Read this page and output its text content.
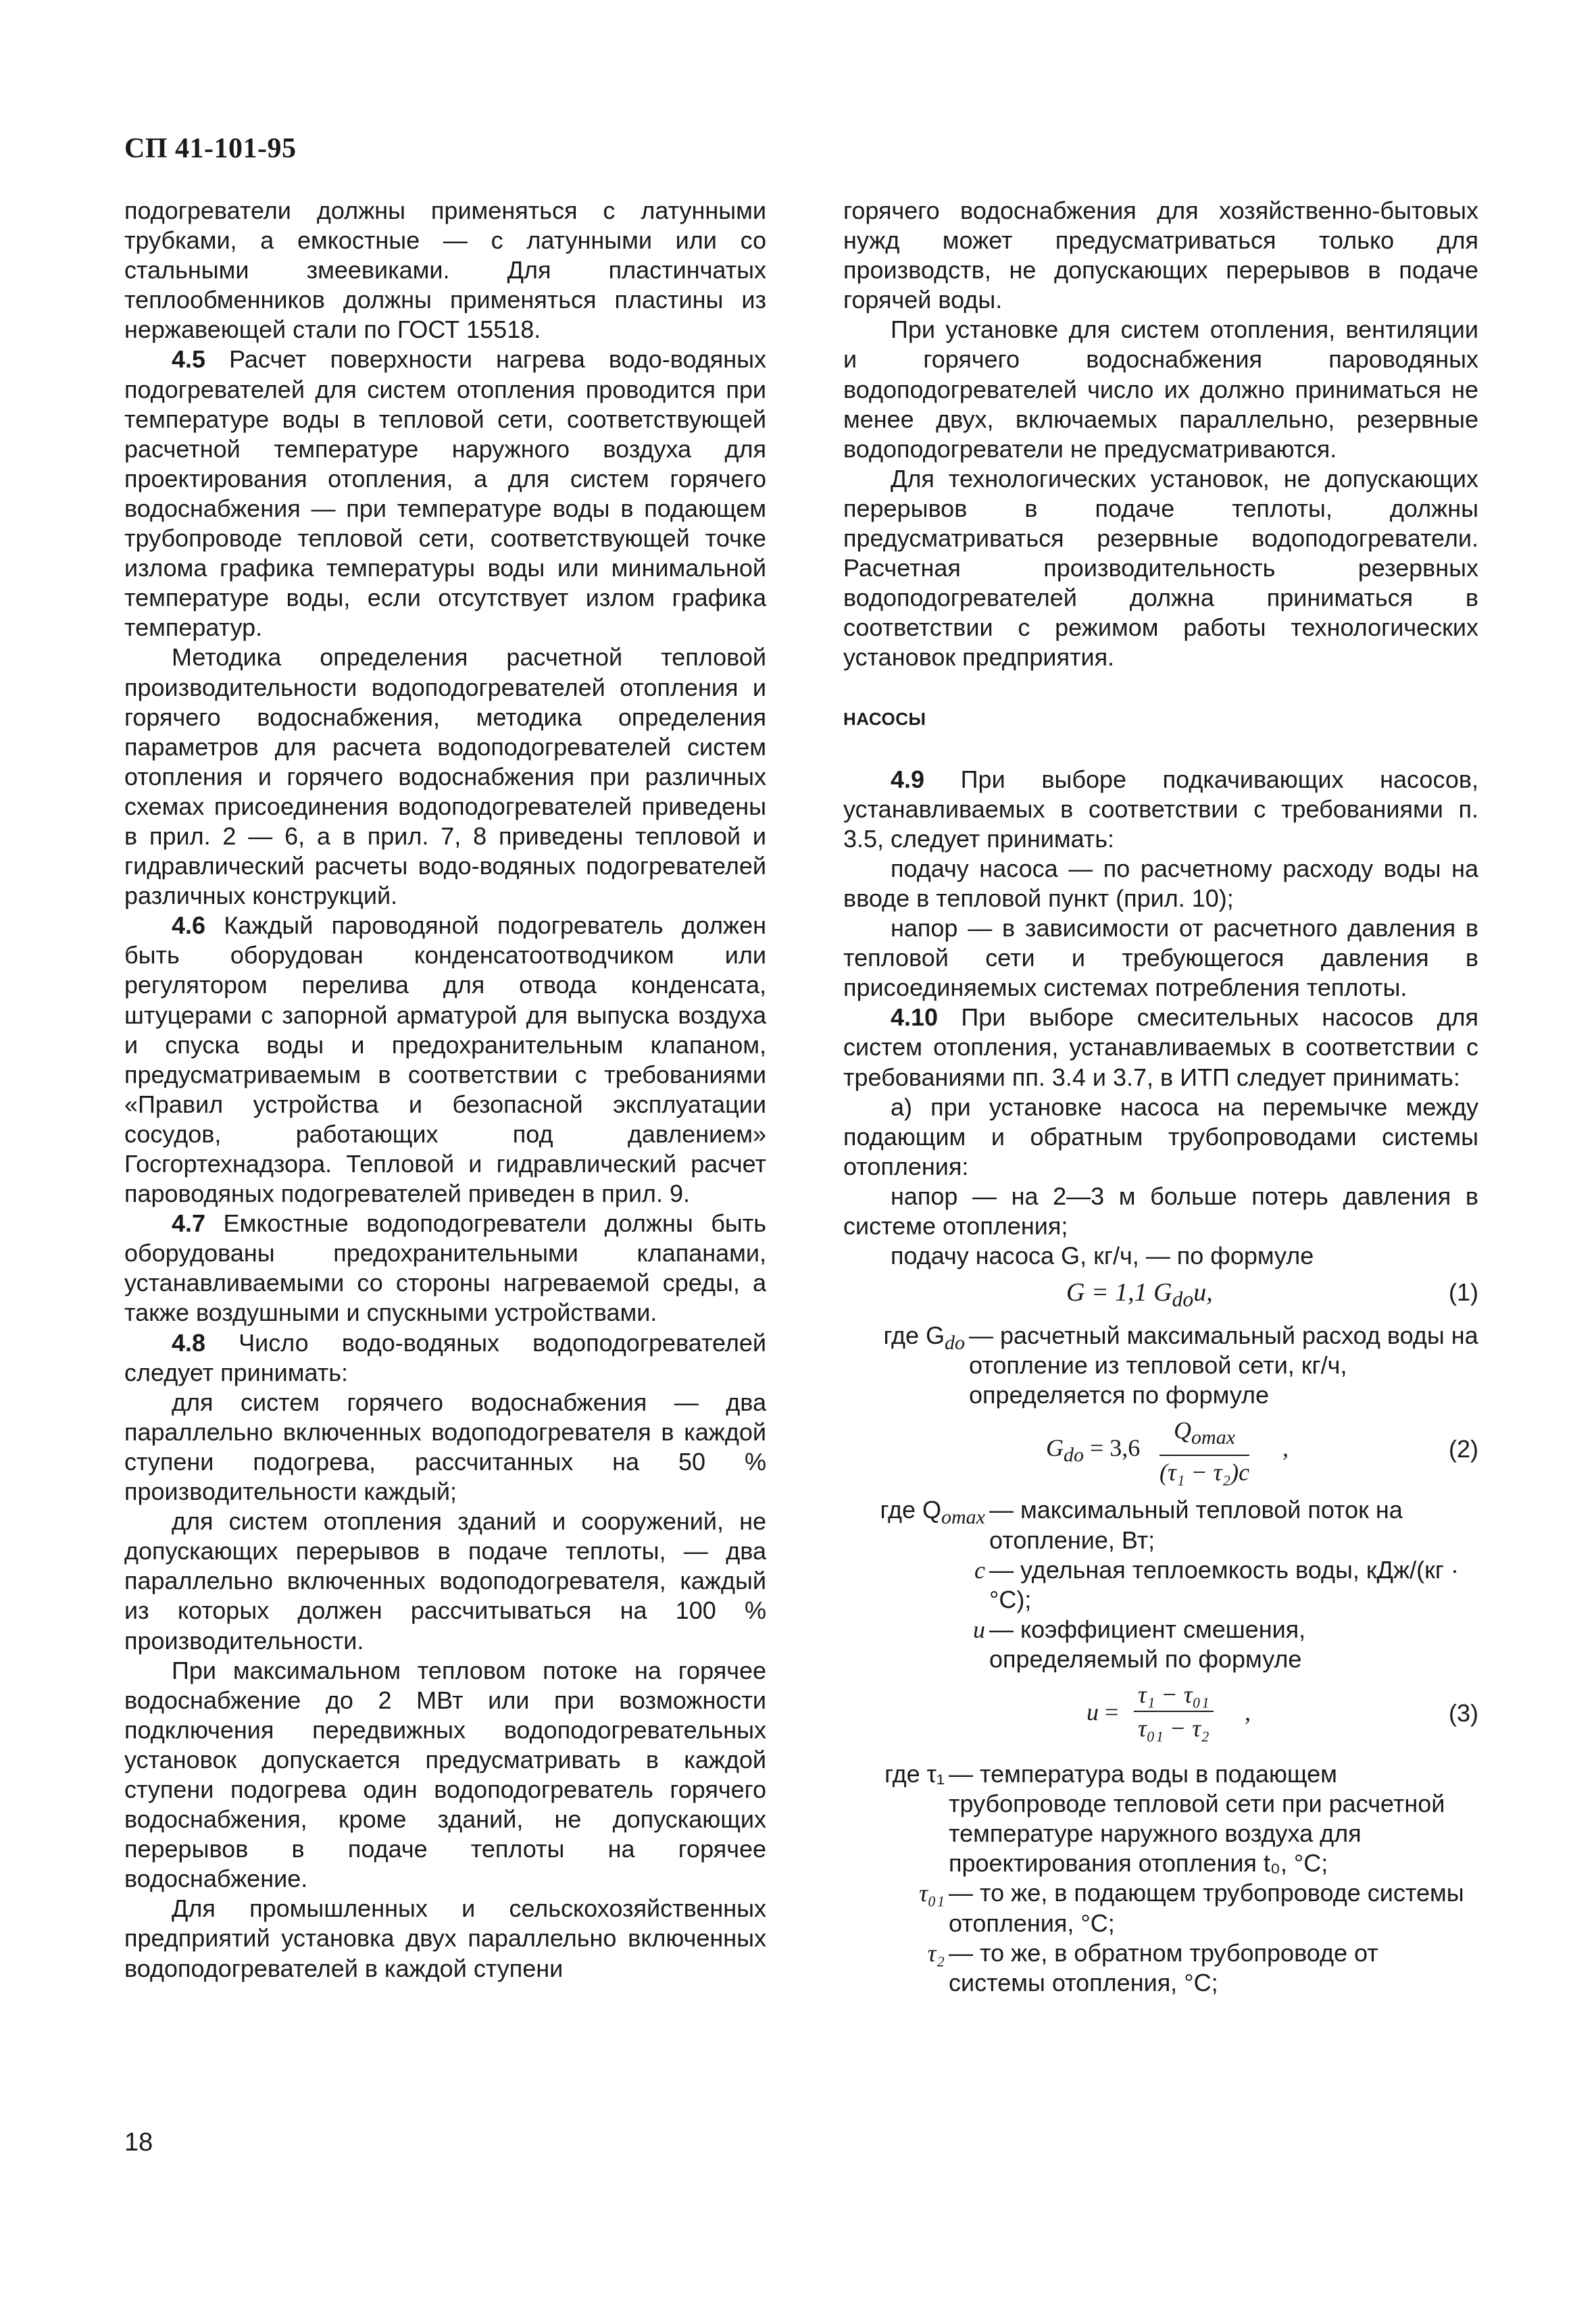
СП 41-101-95

подогреватели должны применяться с латунными трубками, а емкостные — с латунными или со стальными змеевиками. Для пластинчатых теплообменников должны применяться пластины из нержавеющей стали по ГОСТ 15518.

4.5 Расчет поверхности нагрева водо-водяных подогревателей для систем отопления проводится при температуре воды в тепловой сети, соответствующей расчетной температуре наружного воздуха для проектирования отопления, а для систем горячего водоснабжения — при температуре воды в подающем трубопроводе тепловой сети, соответствующей точке излома графика температуры воды или минимальной температуре воды, если отсутствует излом графика температур.

Методика определения расчетной тепловой производительности водоподогревателей отопления и горячего водоснабжения, методика определения параметров для расчета водоподогревателей систем отопления и горячего водоснабжения при различных схемах присоединения водоподогревателей приведены в прил. 2 — 6, а в прил. 7, 8 приведены тепловой и гидравлический расчеты водо-водяных подогревателей различных конструкций.

4.6 Каждый пароводяной подогреватель должен быть оборудован конденсатоотводчиком или регулятором перелива для отвода конденсата, штуцерами с запорной арматурой для выпуска воздуха и спуска воды и предохранительным клапаном, предусматриваемым в соответствии с требованиями «Правил устройства и безопасной эксплуатации сосудов, работающих под давлением» Госгортехнадзора. Тепловой и гидравлический расчет пароводяных подогревателей приведен в прил. 9.

4.7 Емкостные водоподогреватели должны быть оборудованы предохранительными клапанами, устанавливаемыми со стороны нагреваемой среды, а также воздушными и спускными устройствами.

4.8 Число водо-водяных водоподогревателей следует принимать:

для систем горячего водоснабжения — два параллельно включенных водоподогревателя в каждой ступени подогрева, рассчитанных на 50 % производительности каждый;

для систем отопления зданий и сооружений, не допускающих перерывов в подаче теплоты, — два параллельно включенных водоподогревателя, каждый из которых должен рассчитываться на 100 % производительности.

При максимальном тепловом потоке на горячее водоснабжение до 2 МВт или при возможности подключения передвижных водоподогревательных установок допускается предусматривать в каждой ступени подогрева один водоподогреватель горячего водоснабжения, кроме зданий, не допускающих перерывов в подаче теплоты на горячее водоснабжение.

Для промышленных и сельскохозяйственных предприятий установка двух параллельно включенных водоподогревателей в каждой ступени

горячего водоснабжения для хозяйственно-бытовых нужд может предусматриваться только для производств, не допускающих перерывов в подаче горячей воды.

При установке для систем отопления, вентиляции и горячего водоснабжения пароводяных водоподогревателей число их должно приниматься не менее двух, включаемых параллельно, резервные водоподогреватели не предусматриваются.

Для технологических установок, не допускающих перерывов в подаче теплоты, должны предусматриваться резервные водоподогреватели. Расчетная производительность резервных водоподогревателей должна приниматься в соответствии с режимом работы технологических установок предприятия.

НАСОСЫ

4.9 При выборе подкачивающих насосов, устанавливаемых в соответствии с требованиями п. 3.5, следует принимать:

подачу насоса — по расчетному расходу воды на вводе в тепловой пункт (прил. 10);

напор — в зависимости от расчетного давления в тепловой сети и требующегося давления в присоединяемых системах потребления теплоты.

4.10 При выборе смесительных насосов для систем отопления, устанавливаемых в соответствии с требованиями пп. 3.4 и 3.7, в ИТП следует принимать:

а) при установке насоса на перемычке между подающим и обратным трубопроводами системы отопления:

напор — на 2—3 м больше потерь давления в системе отопления;

подачу насоса G, кг/ч, — по формуле

G = 1,1 $G_{do}u$,	(1)
где $G_{do}$ — расчетный максимальный расход воды на отопление из тепловой сети, кг/ч, определяется по формуле
$G_{do} = 3,6$
$Q_{omax}$
(τ₁ − τ₂)c
,	(2)
где $Q_{omax}$ — максимальный тепловой поток на отопление, Вт;
c — удельная теплоемкость воды, кДж/(кг · °С);
u — коэффициент смешения, определяемый по формуле
$u = \frac{\text{τ₁ − τ₀₁}}{\text{τ₀₁ − τ₂}}$ ,	(3)
где τ₁ — температура воды в подающем трубопроводе тепловой сети при расчетной температуре наружного воздуха для проектирования отопления t₀, °С;
τ₀₁ — то же, в подающем трубопроводе системы отопления, °С;
τ₂ — то же, в обратном трубопроводе от системы отопления, °С;
18
